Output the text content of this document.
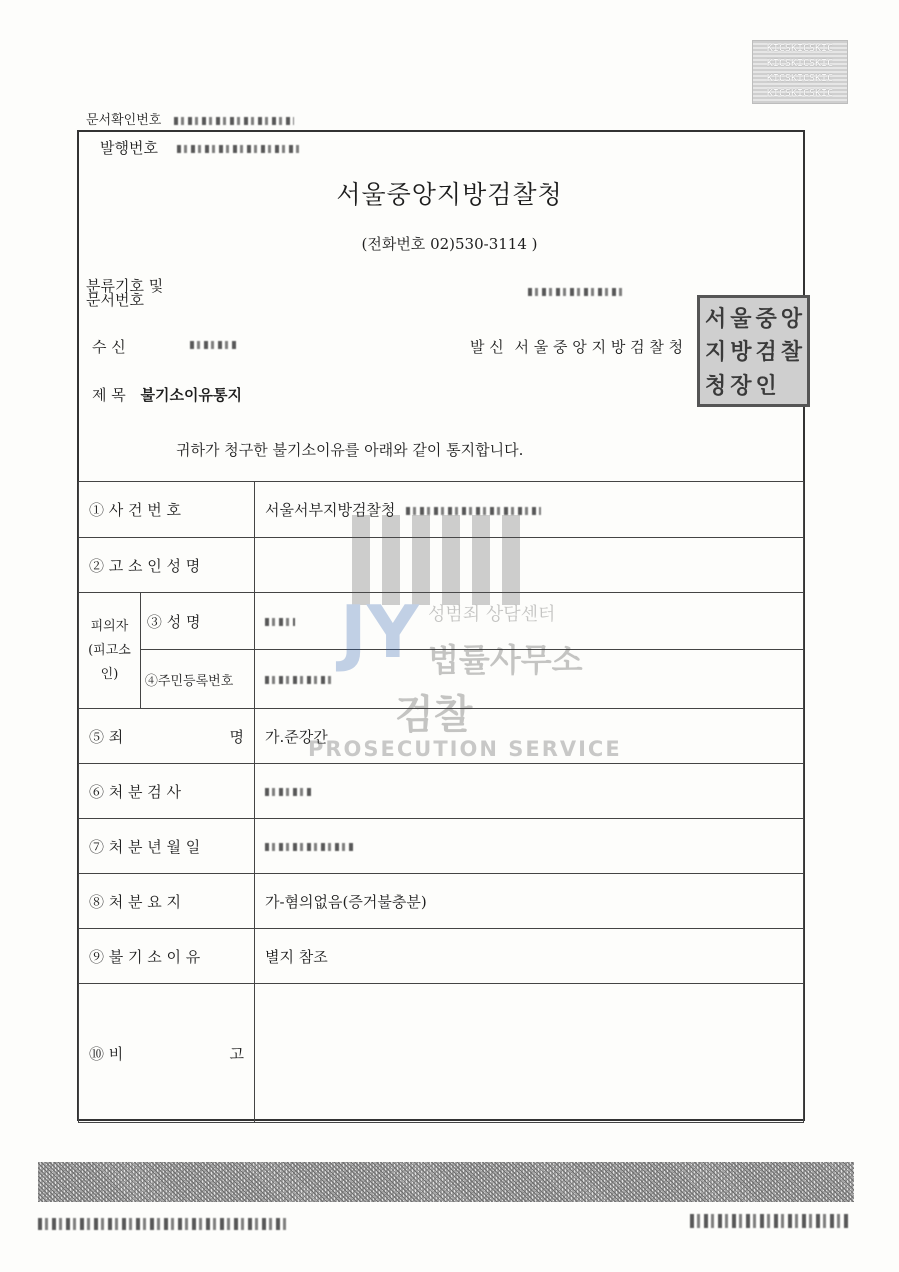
KICSKICSKIC
KICSKICSKIC
KICSKICSKIC
KICSKICSKIC
문서확인번호
발행번호
서울중앙지방검찰청
(전화번호 02)530-3114 )
분류기호 및
문서번호
수 신	발 신 서 울 중 앙 지 방 검 찰 청
서 울 중 앙
지 방 검 찰
청 장 인
제 목 불기소이유통지
귀하가 청구한 불기소이유를 아래와 같이 통지합니다.
① 사 건 번 호		서울서부지방검찰청
② 고 소 인 성 명		

피의자
(피고소인)	③ 성 명	
	④주민등록번호	

⑤ 죄 명		가.준강간
⑥ 처 분 검 사		
⑦ 처 분 년 월 일		
⑧ 처 분 요 지		가-혐의없음(증거불충분)
⑨ 불 기 소 이 유		별지 참조

⑩ 비 고		

JY 성범죄 상담센터
법률사무소
검찰
PROSECUTION SERVICE
